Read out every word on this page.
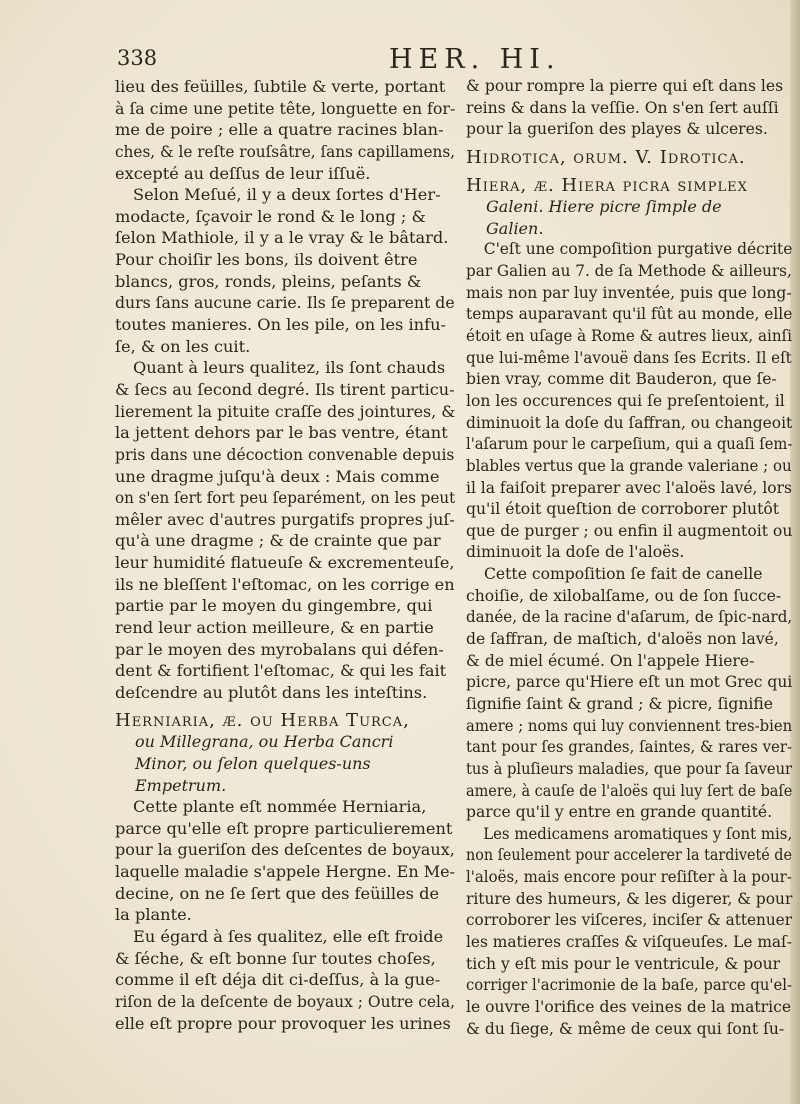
338	HER. HI.
lieu des feüilles, ſubtile & verte, portant
à ſa cime une petite tête, longuette en for-
me de poire ; elle a quatre racines blan-
ches, & le reſte rouſsâtre, ſans capillamens,
excepté au deſſus de leur iſſuë.
Selon Meſué, il y a deux ſortes d'Her-
modacte, ſçavoir le rond & le long ; &
ſelon Mathiole, il y a le vray & le bâtard.
Pour choiſir les bons, ils doivent être
blancs, gros, ronds, pleins, peſants &
durs ſans aucune carie. Ils ſe preparent de
toutes manieres. On les pile, on les infu-
ſe, & on les cuit.
Quant à leurs qualitez, ils ſont chauds
& ſecs au ſecond degré. Ils tirent particu-
lierement la pituite craſſe des jointures, &
la jettent dehors par le bas ventre, étant
pris dans une décoction convenable depuis
une dragme juſqu'à deux : Mais comme
on s'en ſert fort peu ſeparément, on les peut
mêler avec d'autres purgatifs propres juſ-
qu'à une dragme ; & de crainte que par
leur humidité flatueuſe & excrementeuſe,
ils ne bleſſent l'eſtomac, on les corrige en
partie par le moyen du gingembre, qui
rend leur action meilleure, & en partie
par le moyen des myrobalans qui défen-
dent & fortifient l'eſtomac, & qui les fait
deſcendre au plutôt dans les inteſtins.
Herniaria, æ. ou Herba Turca,
ou Millegrana, ou Herba Cancri
Minor, ou ſelon quelques-uns
Empetrum.
Cette plante eſt nommée Herniaria,
parce qu'elle eſt propre particulierement
pour la gueriſon des deſcentes de boyaux,
laquelle maladie s'appele Hergne. En Me-
decine, on ne ſe ſert que des feüilles de
la plante.
Eu égard à ſes qualitez, elle eſt froide
& ſéche, & eſt bonne ſur toutes choſes,
comme il eſt déja dit ci-deſſus, à la gue-
riſon de la deſcente de boyaux ; Outre cela,
elle eſt propre pour provoquer les urines
& pour rompre la pierre qui eſt dans les
reins & dans la veſſie. On s'en ſert auſſi
pour la gueriſon des playes & ulceres.
Hidrotica, orum. V. Idrotica.
Hiera, æ. Hiera picra ſimplex
Galeni. Hiere picre ſimple de
Galien.
C'eſt une compoſition purgative décrite
par Galien au 7. de ſa Methode & ailleurs,
mais non par luy inventée, puis que long-
temps auparavant qu'il fût au monde, elle
étoit en uſage à Rome & autres lieux, ainſi
que lui-même l'avouë dans ſes Ecrits. Il eſt
bien vray, comme dit Bauderon, que ſe-
lon les occurences qui ſe preſentoient, il
diminuoit la doſe du ſaffran, ou changeoit
l'aſarum pour le carpeſium, qui a quaſi ſem-
blables vertus que la grande valeriane ; ou
il la faiſoit preparer avec l'aloës lavé, lors
qu'il étoit queſtion de corroborer plutôt
que de purger ; ou enfin il augmentoit ou
diminuoit la doſe de l'aloës.
Cette compoſition ſe fait de canelle
choiſie, de xilobalſame, ou de ſon ſucce-
danée, de la racine d'aſarum, de ſpic-nard,
de ſaffran, de maſtich, d'aloës non lavé,
& de miel écumé. On l'appele Hiere-
picre, parce qu'Hiere eſt un mot Grec qui
ſignifie ſaint & grand ; & picre, ſignifie
amere ; noms qui luy conviennent tres-bien
tant pour ſes grandes, ſaintes, & rares ver-
tus à pluſieurs maladies, que pour ſa ſaveur
amere, à cauſe de l'aloës qui luy ſert de baſe
parce qu'il y entre en grande quantité.
Les medicamens aromatiques y ſont mis,
non ſeulement pour accelerer la tardiveté de
l'aloës, mais encore pour reſiſter à la pour-
riture des humeurs, & les digerer, & pour
corroborer les viſceres, inciſer & attenuer
les matieres craſſes & viſqueuſes. Le maſ-
tich y eſt mis pour le ventricule, & pour
corriger l'acrimonie de la baſe, parce qu'el-
le ouvre l'orifice des veines de la matrice
& du ſiege, & même de ceux qui ſont ſu-
